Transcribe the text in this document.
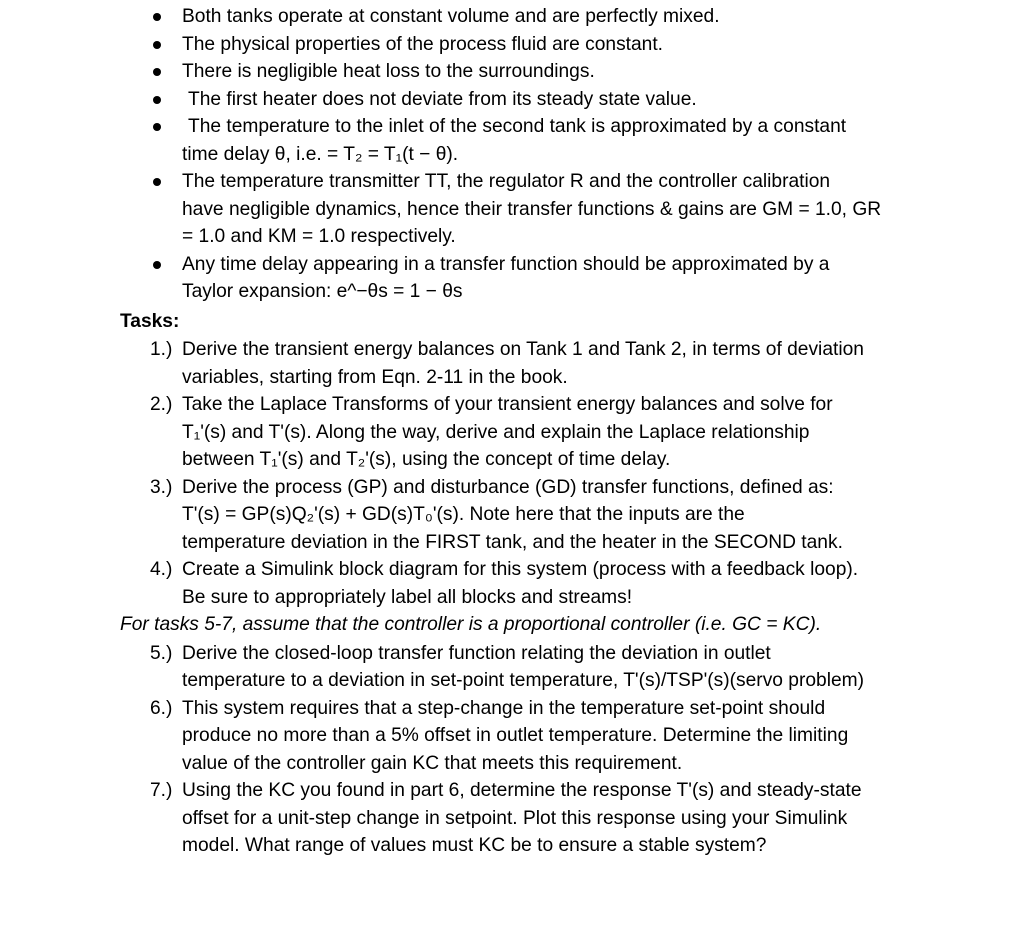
Both tanks operate at constant volume and are perfectly mixed.
The physical properties of the process fluid are constant.
There is negligible heat loss to the surroundings.
The first heater does not deviate from its steady state value.
The temperature to the inlet of the second tank is approximated by a constant
time delay θ, i.e. = T₂ = T₁(t − θ).
The temperature transmitter TT, the regulator R and the controller calibration
have negligible dynamics, hence their transfer functions & gains are GM = 1.0, GR
= 1.0 and KM = 1.0 respectively.
Any time delay appearing in a transfer function should be approximated by a
Taylor expansion: e^−θs = 1 − θs
Tasks:
1.) Derive the transient energy balances on Tank 1 and Tank 2, in terms of deviation
variables, starting from Eqn. 2-11 in the book.
2.) Take the Laplace Transforms of your transient energy balances and solve for
T₁'(s) and T'(s). Along the way, derive and explain the Laplace relationship
between T₁'(s) and T₂'(s), using the concept of time delay.
3.) Derive the process (GP) and disturbance (GD) transfer functions, defined as:
T'(s) = GP(s)Q₂'(s) + GD(s)T₀'(s). Note here that the inputs are the
temperature deviation in the FIRST tank, and the heater in the SECOND tank.
4.) Create a Simulink block diagram for this system (process with a feedback loop).
Be sure to appropriately label all blocks and streams!
For tasks 5-7, assume that the controller is a proportional controller (i.e. GC = KC).
5.) Derive the closed-loop transfer function relating the deviation in outlet
temperature to a deviation in set-point temperature, T'(s)/TSP'(s)(servo problem)
6.) This system requires that a step-change in the temperature set-point should
produce no more than a 5% offset in outlet temperature. Determine the limiting
value of the controller gain KC that meets this requirement.
7.) Using the KC you found in part 6, determine the response T'(s) and steady-state
offset for a unit-step change in setpoint. Plot this response using your Simulink
model. What range of values must KC be to ensure a stable system?
